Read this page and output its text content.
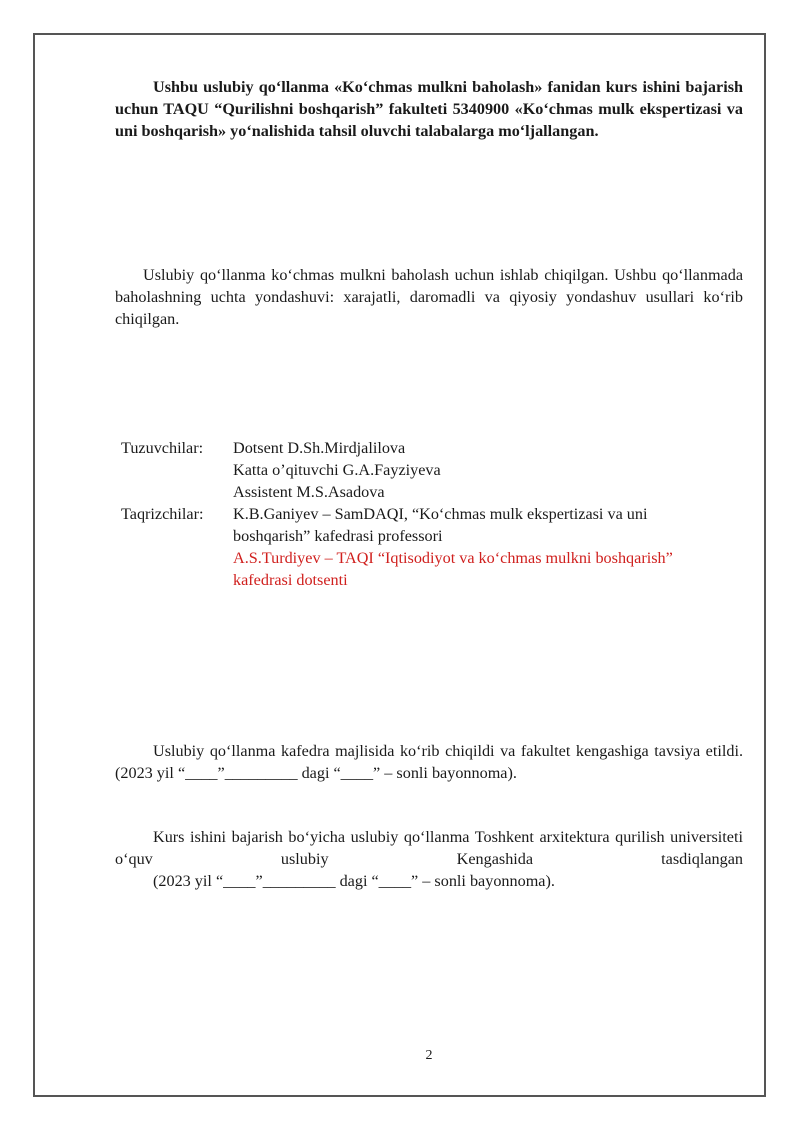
Ushbu uslubiy qo‘llanma «Ko‘chmas mulkni baholash» fanidan kurs ishini bajarish uchun TAQU “Qurilishni boshqarish” fakulteti 5340900 «Ko‘chmas mulk ekspertizasi va uni boshqarish» yo‘nalishida tahsil oluvchi talabalarga mo‘ljallangan.

Uslubiy qo‘llanma ko‘chmas mulkni baholash uchun ishlab chiqilgan. Ushbu qo‘llanmada baholashning uchta yondashuvi: xarajatli, daromadli va qiyosiy yondashuv usullari ko‘rib chiqilgan.

Tuzuvchilar:	Dotsent D.Sh.Mirdjalilova
Katta o’qituvchi G.A.Fayziyeva
Assistent M.S.Asadova
Taqrizchilar:	K.B.Ganiyev – SamDAQI, “Ko‘chmas mulk ekspertizasi va uni boshqarish” kafedrasi professori
A.S.Turdiyev – TAQI “Iqtisodiyot va ko‘chmas mulkni boshqarish” kafedrasi dotsenti

Uslubiy qo‘llanma kafedra majlisida ko‘rib chiqildi va fakultet kengashiga tavsiya etildi. (2023 yil “____”_________ dagi “____” – sonli bayonnoma).

Kurs ishini bajarish bo‘yicha uslubiy qo‘llanma Toshkent arxitektura qurilish universiteti o‘quv uslubiy Kengashida tasdiqlangan
(2023 yil “____”_________ dagi “____” – sonli bayonnoma).
2
